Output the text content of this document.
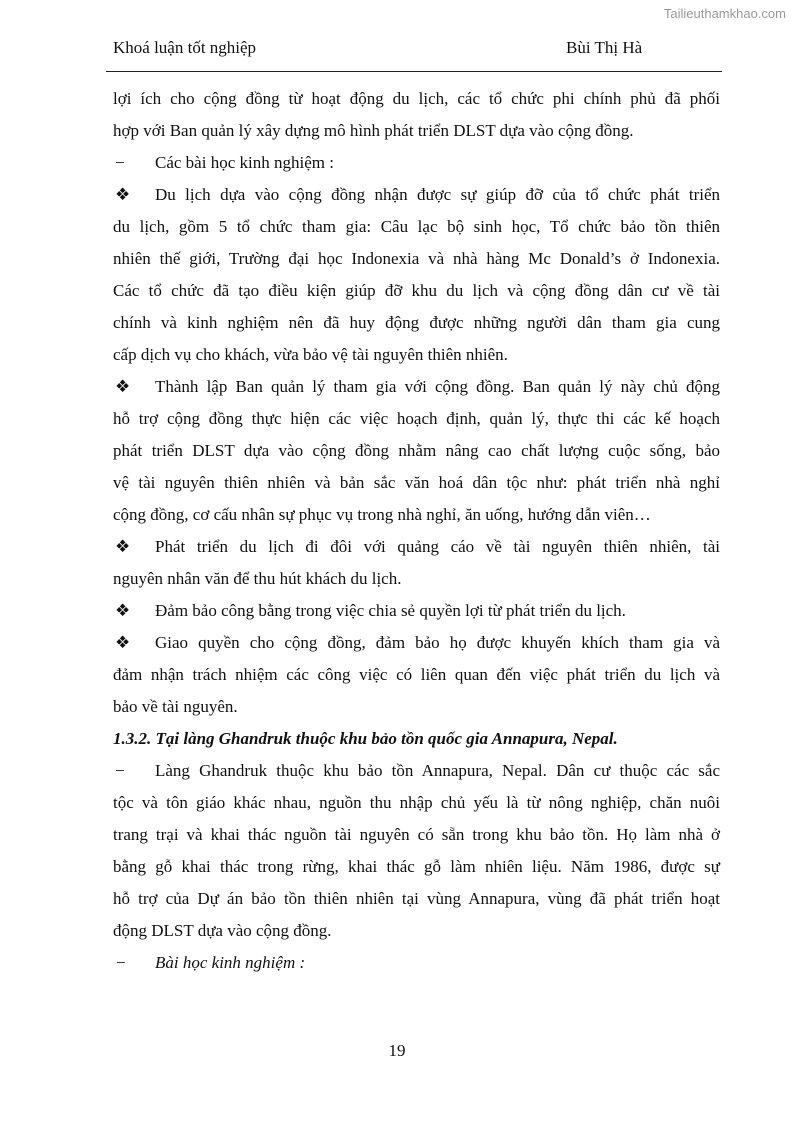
Tailieuthamkhao.com
Khoá luận tốt nghiệp	Bùi Thị Hà
lợi ích cho cộng đồng từ hoạt động du lịch, các tổ chức phi chính phủ đã phối
hợp với Ban quản lý xây dựng mô hình phát triển DLST dựa vào cộng đồng.
− Các bài học kinh nghiệm :
❖ Du lịch dựa vào cộng đồng nhận được sự giúp đỡ của tổ chức phát triển
du lịch, gồm 5 tổ chức tham gia: Câu lạc bộ sinh học, Tổ chức bảo tồn thiên
nhiên thế giới, Trường đại học Indonexia và nhà hàng Mc Donald’s ở Indonexia.
Các tổ chức đã tạo điều kiện giúp đỡ khu du lịch và cộng đồng dân cư về tài
chính và kinh nghiệm nên đã huy động được những người dân tham gia cung
cấp dịch vụ cho khách, vừa bảo vệ tài nguyên thiên nhiên.
❖ Thành lập Ban quản lý tham gia với cộng đồng. Ban quản lý này chủ động
hỗ trợ cộng đồng thực hiện các việc hoạch định, quản lý, thực thi các kế hoạch
phát triển DLST dựa vào cộng đồng nhằm nâng cao chất lượng cuộc sống, bảo
vệ tài nguyên thiên nhiên và bản sắc văn hoá dân tộc như: phát triển nhà nghỉ
cộng đồng, cơ cấu nhân sự phục vụ trong nhà nghỉ, ăn uống, hướng dẫn viên…
❖ Phát triển du lịch đi đôi với quảng cáo về tài nguyên thiên nhiên, tài
nguyên nhân văn để thu hút khách du lịch.
❖ Đảm bảo công bằng trong việc chia sẻ quyền lợi từ phát triển du lịch.
❖ Giao quyền cho cộng đồng, đảm bảo họ được khuyến khích tham gia và
đảm nhận trách nhiệm các công việc có liên quan đến việc phát triển du lịch và
bảo về tài nguyên.
1.3.2. Tại làng Ghandruk thuộc khu bảo tồn quốc gia Annapura, Nepal.
− Làng Ghandruk thuộc khu bảo tồn Annapura, Nepal. Dân cư thuộc các sắc
tộc và tôn giáo khác nhau, nguồn thu nhập chủ yếu là từ nông nghiệp, chăn nuôi
trang trại và khai thác nguồn tài nguyên có sẵn trong khu bảo tồn. Họ làm nhà ở
bằng gỗ khai thác trong rừng, khai thác gỗ làm nhiên liệu. Năm 1986, được sự
hỗ trợ của Dự án bảo tồn thiên nhiên tại vùng Annapura, vùng đã phát triển hoạt
động DLST dựa vào cộng đồng.
− Bài học kinh nghiệm :
19
